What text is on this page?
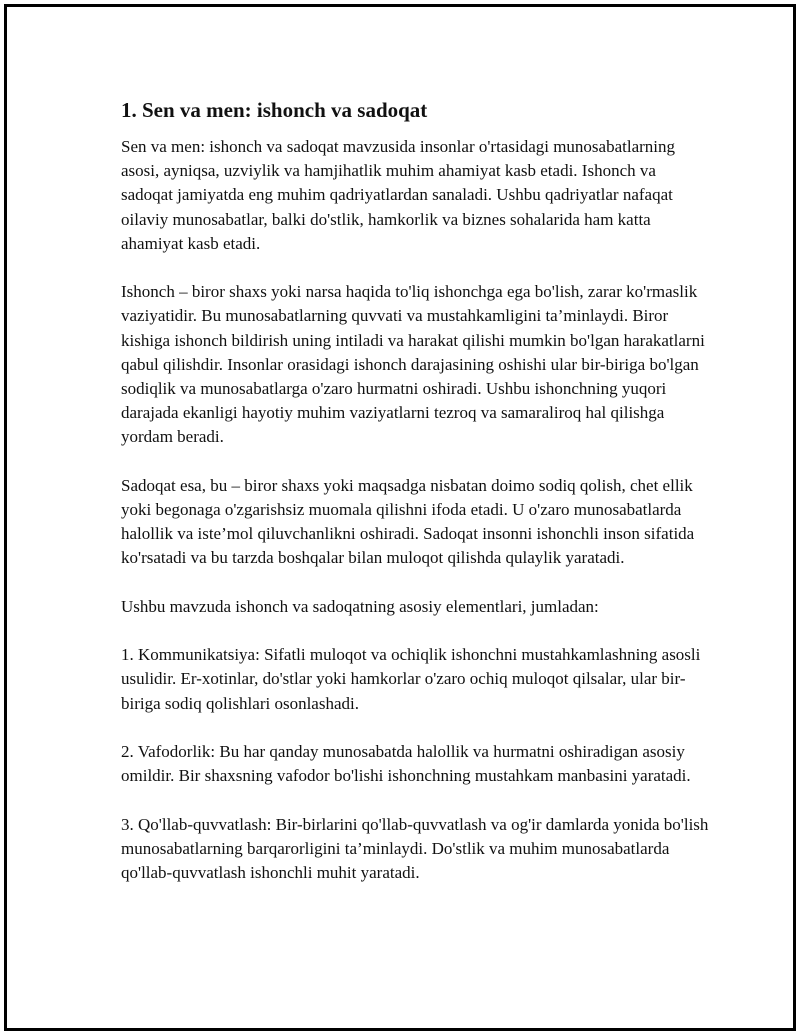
1. Sen va men: ishonch va sadoqat

Sen va men: ishonch va sadoqat mavzusida insonlar o'rtasidagi munosabatlarning asosi, ayniqsa, uzviylik va hamjihatlik muhim ahamiyat kasb etadi. Ishonch va sadoqat jamiyatda eng muhim qadriyatlardan sanaladi. Ushbu qadriyatlar nafaqat oilaviy munosabatlar, balki do'stlik, hamkorlik va biznes sohalarida ham katta ahamiyat kasb etadi.

Ishonch – biror shaxs yoki narsa haqida to'liq ishonchga ega bo'lish, zarar ko'rmaslik vaziyatidir. Bu munosabatlarning quvvati va mustahkamligini ta’minlaydi. Biror kishiga ishonch bildirish uning intiladi va harakat qilishi mumkin bo'lgan harakatlarni qabul qilishdir. Insonlar orasidagi ishonch darajasining oshishi ular bir-biriga bo'lgan sodiqlik va munosabatlarga o'zaro hurmatni oshiradi. Ushbu ishonchning yuqori darajada ekanligi hayotiy muhim vaziyatlarni tezroq va samaraliroq hal qilishga yordam beradi.

Sadoqat esa, bu – biror shaxs yoki maqsadga nisbatan doimo sodiq qolish, chet ellik yoki begonaga o'zgarishsiz muomala qilishni ifoda etadi. U o'zaro munosabatlarda halollik va iste’mol qiluvchanlikni oshiradi. Sadoqat insonni ishonchli inson sifatida ko'rsatadi va bu tarzda boshqalar bilan muloqot qilishda qulaylik yaratadi.

Ushbu mavzuda ishonch va sadoqatning asosiy elementlari, jumladan:

1. Kommunikatsiya: Sifatli muloqot va ochiqlik ishonchni mustahkamlashning asosli usulidir. Er-xotinlar, do'stlar yoki hamkorlar o'zaro ochiq muloqot qilsalar, ular bir-biriga sodiq qolishlari osonlashadi.

2. Vafodorlik: Bu har qanday munosabatda halollik va hurmatni oshiradigan asosiy omildir. Bir shaxsning vafodor bo'lishi ishonchning mustahkam manbasini yaratadi.

3. Qo'llab-quvvatlash: Bir-birlarini qo'llab-quvvatlash va og'ir damlarda yonida bo'lish munosabatlarning barqarorligini ta’minlaydi. Do'stlik va muhim munosabatlarda qo'llab-quvvatlash ishonchli muhit yaratadi.
